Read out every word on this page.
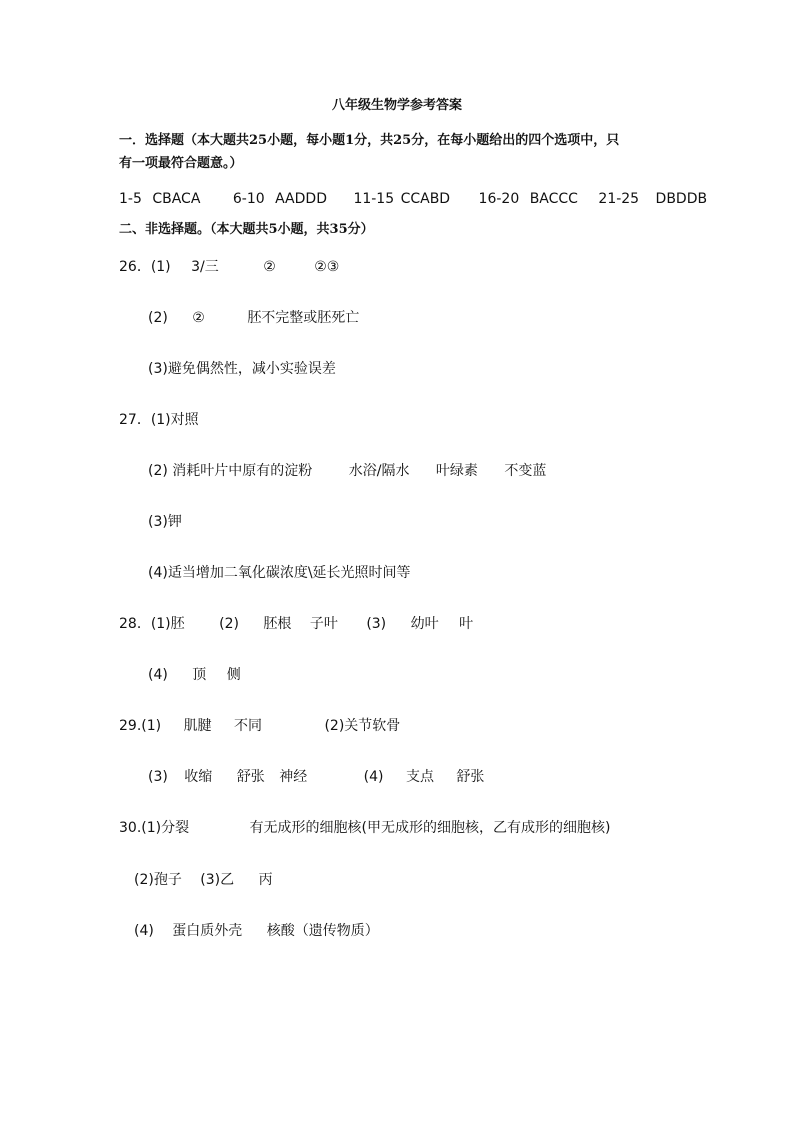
八年级生物学参考答案
一．选择题（本大题共25小题，每小题1分，共25分，在每小题给出的四个选项中，只
有一项最符合题意。）
1-5 CBACA 6-10 AADDD 11-15 CCABD 16-20 BACCC 21-25 DBDDB
二、非选择题。（本大题共5小题，共35分）
26．(1) 3/三	②	②③
(2) ②	胚不完整或胚死亡
(3)避免偶然性，减小实验误差
27．(1)对照
(2) 消耗叶片中原有的淀粉	水浴/隔水 叶绿素 不变蓝
(3)钾
(4)适当增加二氧化碳浓度\延长光照时间等
28．(1)胚 (2) 胚根 子叶 (3) 幼叶 叶
(4) 顶 侧
29.(1) 肌腱 不同	(2)关节软骨
(3) 收缩 舒张 神经	(4) 支点 舒张
30.(1)分裂	有无成形的细胞核(甲无成形的细胞核，乙有成形的细胞核)
(2)孢子 (3)乙 丙
(4) 蛋白质外壳 核酸（遗传物质）
